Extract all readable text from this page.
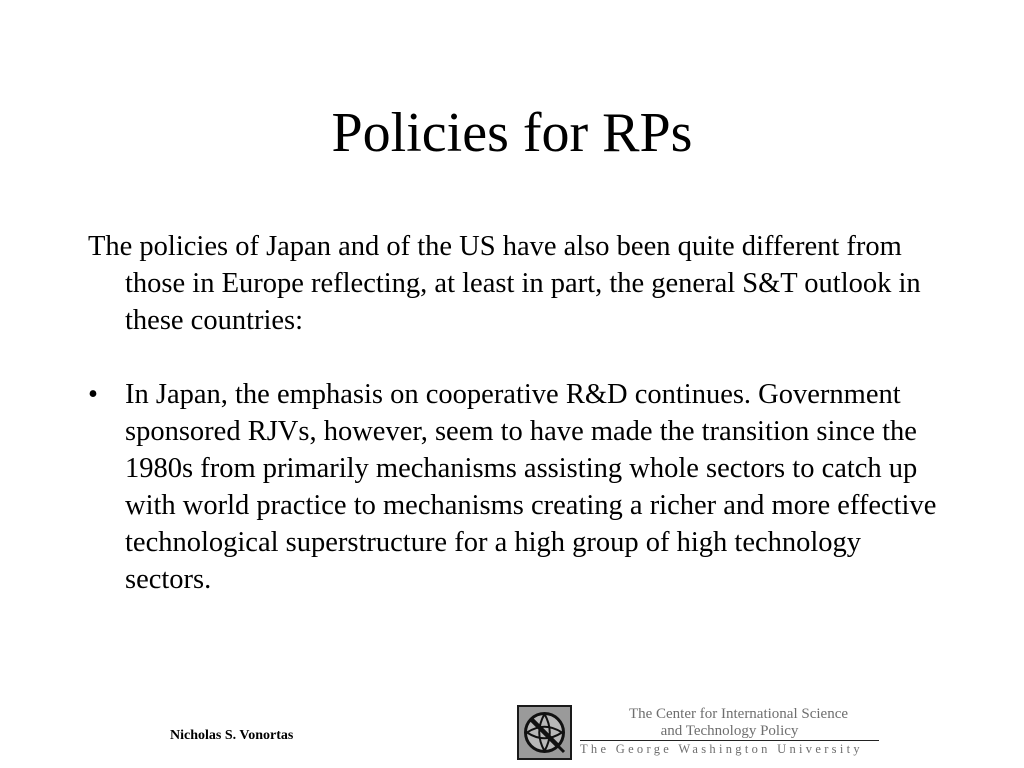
Policies for RPs

The policies of Japan and of the US have also been quite different from those in Europe reflecting, at least in part, the general S&T outlook in these countries:

• In Japan, the emphasis on cooperative R&D continues. Government sponsored RJVs, however, seem to have made the transition since the 1980s from primarily mechanisms assisting whole sectors to catch up with world practice to mechanisms creating a richer and more effective technological superstructure for a high group of high technology sectors.

Nicholas S. Vonortas
The Center for International Science
and Technology Policy
The George Washington University
